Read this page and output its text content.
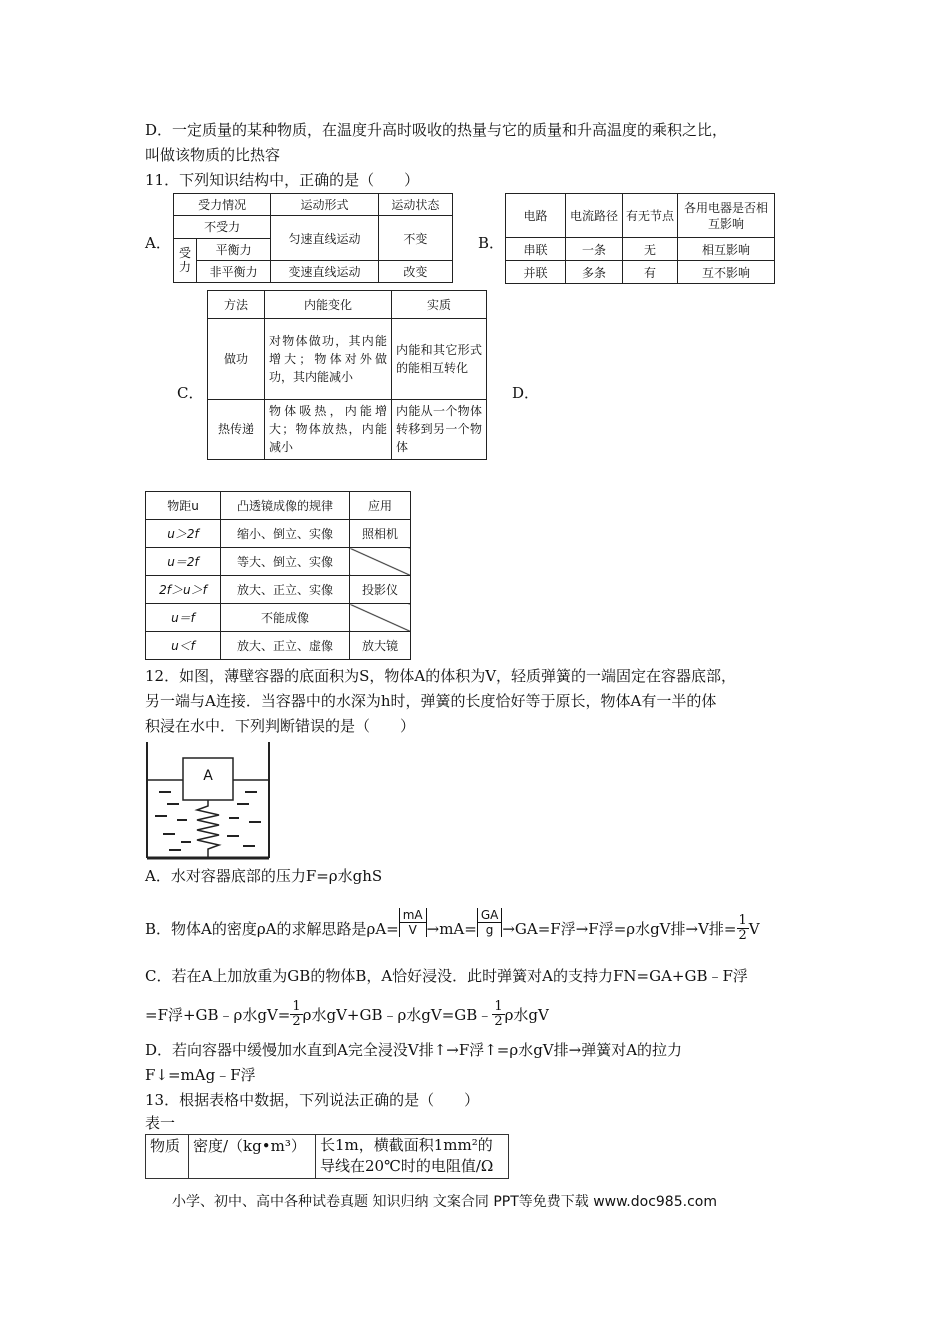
D．一定质量的某种物质，在温度升高时吸收的热量与它的质量和升高温度的乘积之比，
叫做该物质的比热容
11．下列知识结构中，正确的是（　　）
A．
受力情况		运动形式	运动状态
不受力		匀速直线运动	不变
受力	平衡力		
	非平衡力	变速直线运动	改变
B．
电路	电流路径	有无节点	各用电器是否相互影响
串联	一条	无	相互影响
并联	多条	有	互不影响
C．
方法	内能变化	实质
做功	对物体做功，其内能增大；物体对外做功，其内能减小	内能和其它形式的能相互转化
热传递	物体吸热，内能增大；物体放热，内能减小	内能从一个物体转移到另一个物体
D．
物距u	凸透镜成像的规律	应用
u＞2f	缩小、倒立、实像	照相机
u＝2f	等大、倒立、实像	
2f＞u＞f	放大、正立、实像	投影仪
u＝f	不能成像	
u＜f	放大、正立、虚像	放大镜
12．如图，薄壁容器的底面积为S，物体A的体积为V，轻质弹簧的一端固定在容器底部，
另一端与A连接．当容器中的水深为h时，弹簧的长度恰好等于原长，物体A有一半的体
积浸在水中．下列判断错误的是（　　）
A
A．水对容器底部的压力F=ρ水ghS
B．物体A的密度ρA的求解思路是$\rho A= \frac{mA}{V} \to mA= \frac{GA}{g} \to GA=F$浮→F浮=ρ水gV排→V排= $\frac{1}{2}$ V
C．若在A上加放重为GB的物体B，A恰好浸没．此时弹簧对A的支持力FN=GA+GB﹣F浮
=F浮+GB﹣ρ水$gV= \frac{1}{2}$ ρ水gV+GB﹣ρ水gV=GB﹣ $\frac{1}{2}$ ρ水gV
D．若向容器中缓慢加水直到A完全浸没V排↑→F浮↑=ρ水gV排→弹簧对A的拉力
F↓=mAg﹣F浮
13．根据表格中数据，下列说法正确的是（　　）
表一
物质	密度/（kg•m³）	长1m，横截面积1mm²的
导线在20℃时的电阻值/Ω
小学、初中、高中各种试卷真题 知识归纳 文案合同 PPT等免费下载 www.doc985.com
